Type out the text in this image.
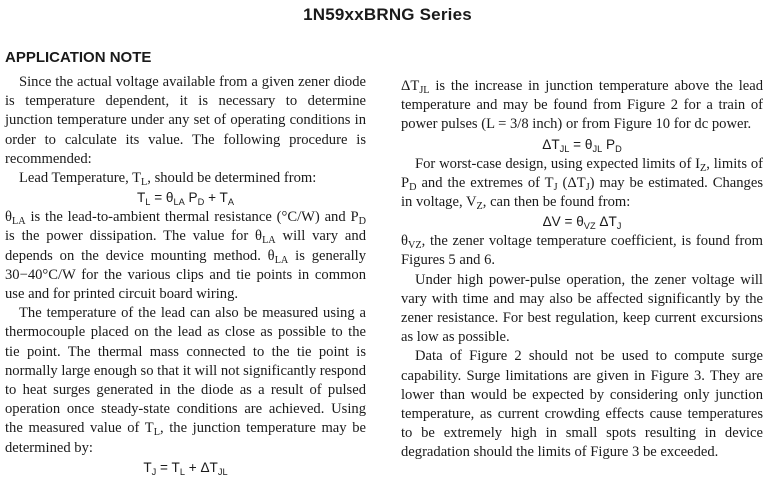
1N59xxBRNG Series
APPLICATION NOTE

Since the actual voltage available from a given zener diode is temperature dependent, it is necessary to determine junction temperature under any set of operating conditions in order to calculate its value. The following procedure is recommended:

Lead Temperature, $T_L$, should be determined from:

$T_L = \theta_{LA}$ $P_D + T_A$

$\theta_{LA}$ is the lead-to-ambient thermal resistance (°C/W) and $P_D$ is the power dissipation. The value for $\theta_{LA}$ will vary and depends on the device mounting method. $\theta_{LA}$ is generally 30−40°C/W for the various clips and tie points in common use and for printed circuit board wiring.

The temperature of the lead can also be measured using a thermocouple placed on the lead as close as possible to the tie point. The thermal mass connected to the tie point is normally large enough so that it will not significantly respond to heat surges generated in the diode as a result of pulsed operation once steady-state conditions are achieved. Using the measured value of $T_L$, the junction temperature may be determined by:

$T_J = T_L + \Delta T_{JL}$

$\Delta T_{JL}$ is the increase in junction temperature above the lead temperature and may be found from Figure 2 for a train of power pulses (L = 3/8 inch) or from Figure 10 for dc power.

$\Delta T_{JL} = \theta_{JL}$ $P_D$

For worst-case design, using expected limits of $I_Z$, limits of $P_D$ and the extremes of $T_J$ $(\Delta T_J)$ may be estimated. Changes in voltage, $V_Z$, can then be found from:

$\Delta V = \theta_{VZ}$ $\Delta T_J$

$\theta_{VZ}$, the zener voltage temperature coefficient, is found from Figures 5 and 6.

Under high power-pulse operation, the zener voltage will vary with time and may also be affected significantly by the zener resistance. For best regulation, keep current excursions as low as possible.

Data of Figure 2 should not be used to compute surge capability. Surge limitations are given in Figure 3. They are lower than would be expected by considering only junction temperature, as current crowding effects cause temperatures to be extremely high in small spots resulting in device degradation should the limits of Figure 3 be exceeded.
